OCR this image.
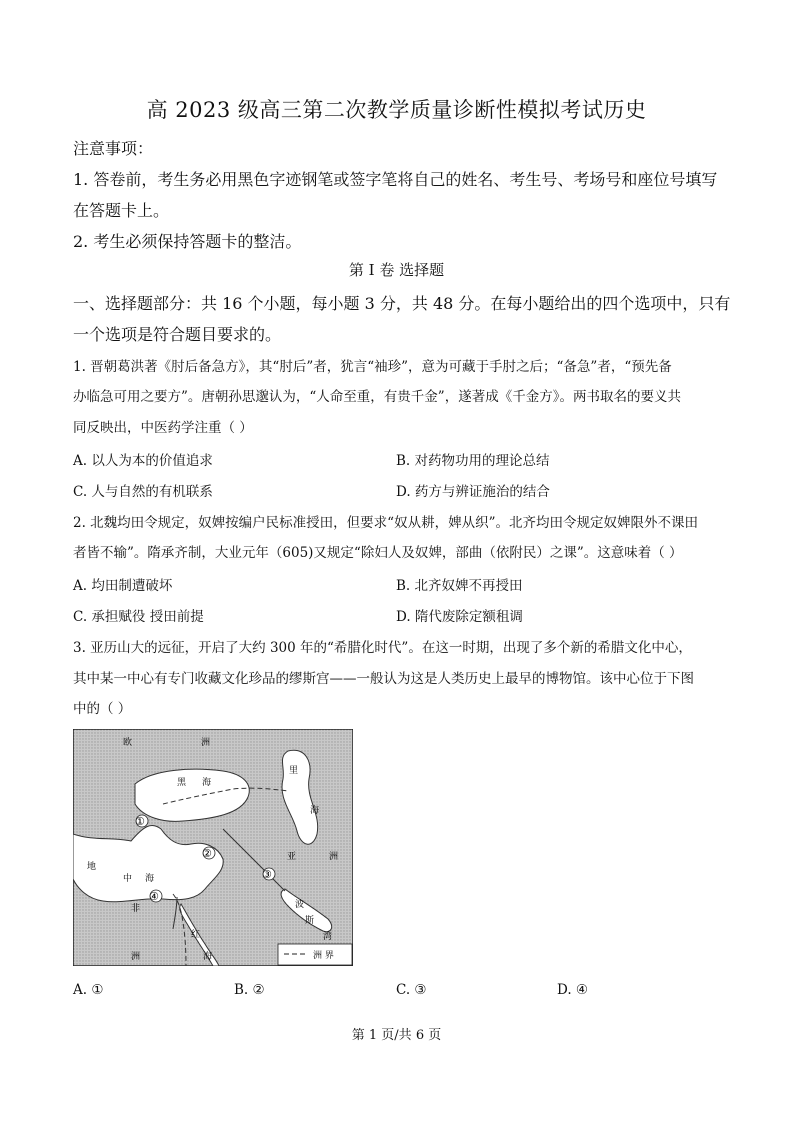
高 2023 级高三第二次教学质量诊断性模拟考试历史
注意事项：
1. 答卷前，考生务必用黑色字迹钢笔或签字笔将自己的姓名、考生号、考场号和座位号填写
在答题卡上。
2. 考生必须保持答题卡的整洁。
第 I 卷 选择题
一、选择题部分：共 16 个小题，每小题 3 分，共 48 分。在每小题给出的四个选项中，只有
一个选项是符合题目要求的。
1. 晋朝葛洪著《肘后备急方》，其“肘后”者，犹言“袖珍”，意为可藏于手肘之后；“备急”者，“预先备
办临急可用之要方”。唐朝孙思邈认为，“人命至重，有贵千金”，遂著成《千金方》。两书取名的要义共
同反映出，中医药学注重（ ）
A. 以人为本的价值追求	B. 对药物功用的理论总结
C. 人与自然的有机联系	D. 药方与辨证施治的结合
2. 北魏均田令规定，奴婢按编户民标准授田，但要求“奴从耕，婢从织”。北齐均田令规定奴婢限外不课田
者皆不输”。隋承齐制，大业元年（605)又规定“除妇人及奴婢，部曲（依附民）之课”。这意味着（ ）
A. 均田制遭破坏	B. 北齐奴婢不再授田
C. 承担赋役 授田前提	D. 隋代废除定额租调
3. 亚历山大的远征，开启了大约 300 年的“希腊化时代”。在这一时期，出现了多个新的希腊文化中心，
其中某一中心有专门收藏文化珍品的缪斯宫——一般认为这是人类历史上最早的博物馆。该中心位于下图
中的（ ）
欧	洲
黑 海
里
海
亚	洲
地
中 海
非
洲
红
海
波
斯
湾
①
②
③
④
洲 界
A. ①	B. ②	C. ③	D. ④
第 1 页/共 6 页
